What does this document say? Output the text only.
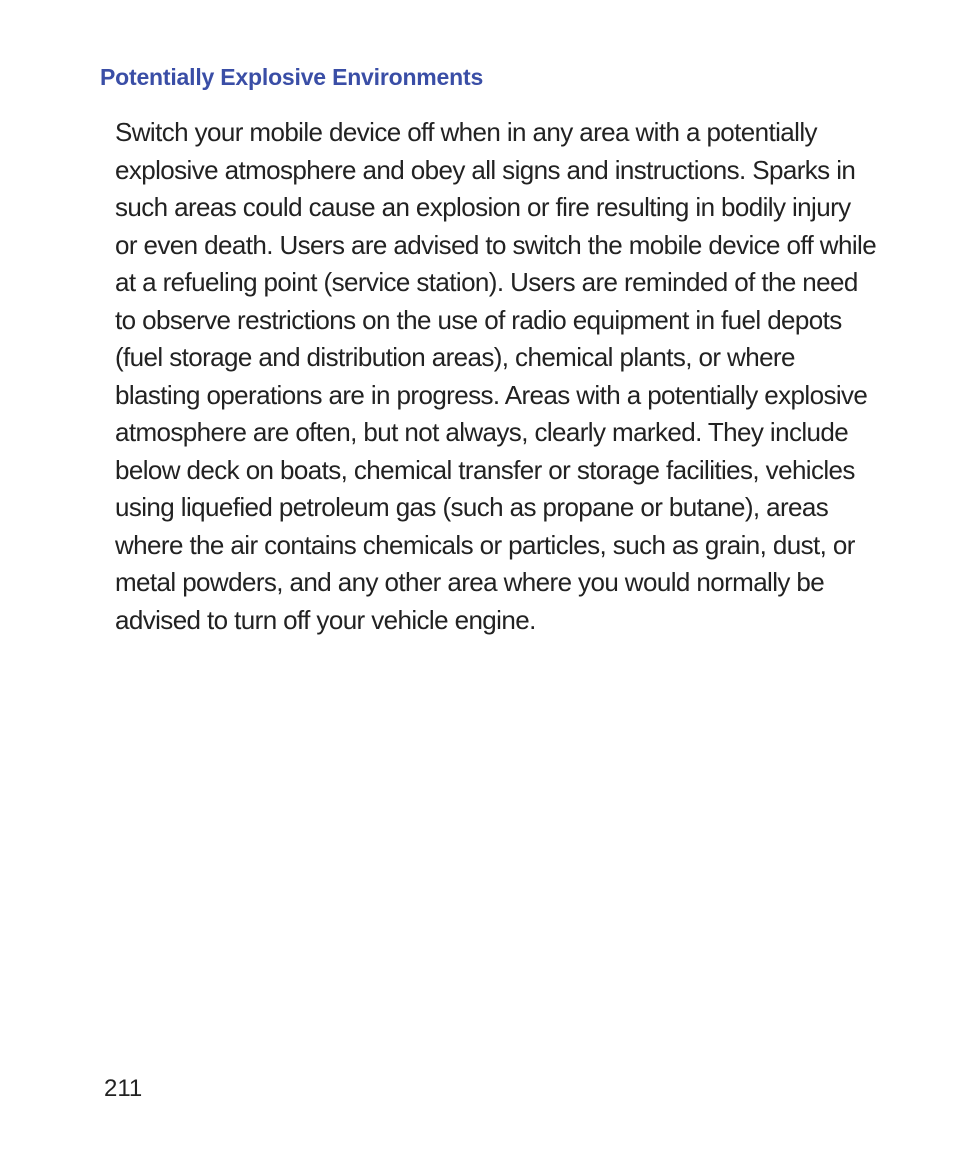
Potentially Explosive Environments

Switch your mobile device off when in any area with a potentially
explosive atmosphere and obey all signs and instructions. Sparks in
such areas could cause an explosion or fire resulting in bodily injury
or even death. Users are advised to switch the mobile device off while
at a refueling point (service station). Users are reminded of the need
to observe restrictions on the use of radio equipment in fuel depots
(fuel storage and distribution areas), chemical plants, or where
blasting operations are in progress. Areas with a potentially explosive
atmosphere are often, but not always, clearly marked. They include
below deck on boats, chemical transfer or storage facilities, vehicles
using liquefied petroleum gas (such as propane or butane), areas
where the air contains chemicals or particles, such as grain, dust, or
metal powders, and any other area where you would normally be
advised to turn off your vehicle engine.

211
